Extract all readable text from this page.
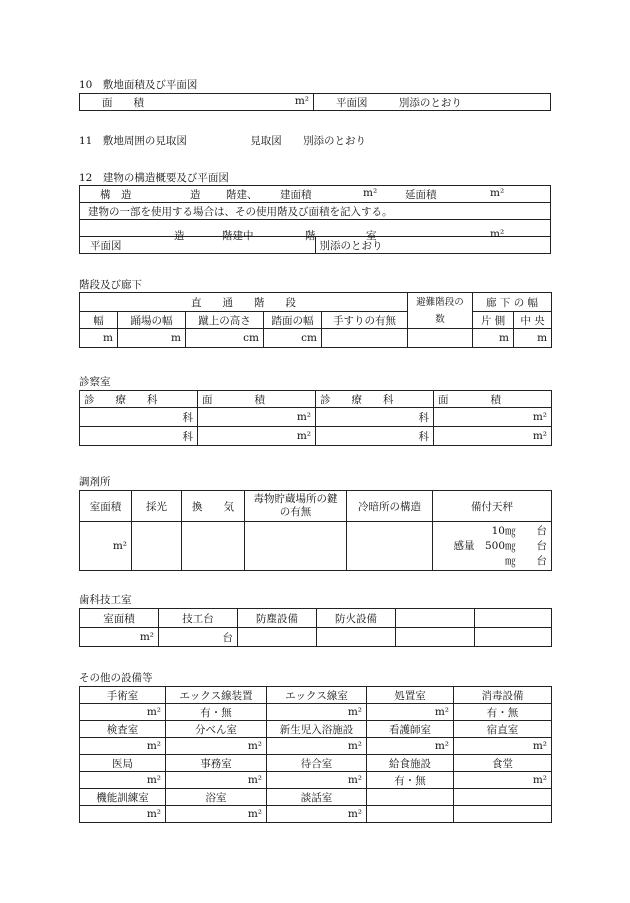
10　敷地面積及び平面図
面　　積	m²	平面図	別添のとおり
11　敷地周囲の見取図	見取図 別添のとおり
12　建物の構造概要及び平面図
構　造	造 階建、 建面積	m²	延面積	m²

建物の一部を使用する場合は、その使用階及び面積を記入する。

造	階建中	階	室	m²

平面図	別添のとおり
階段及び廊下
直　　通　　階　　段					避難階段の　　数	廊 下 の 幅	
幅	踊場の幅	蹴上の高さ	踏面の幅	手すりの有無		片 側	中 央
m	m	cm	cm			m	m
診察室
診　　療　　科	面　　　　積	診　　療　　科	面　　　　積
科	m²	科	m²
科	m²	科	m²
調剤所
室面積	採光	換　　気	毒物貯蔵場所の鍵の有無	冷暗所の構造	備付天秤
m²					10㎎　　台
感量　500㎎　　台
㎎　　台
歯科技工室
室面積	技工台	防塵設備	防火設備		
m²	台				
その他の設備等
手術室	エックス線装置	エックス線室	処置室	消毒設備
m²	有・無	m²	m²	有・無
検査室	分べん室	新生児入浴施設	看護師室	宿直室
m²	m²	m²	m²	m²
医局	事務室	待合室	給食施設	食堂
m²	m²	m²	有・無	m²
機能訓練室	浴室	談話室		
m²	m²	m²		
